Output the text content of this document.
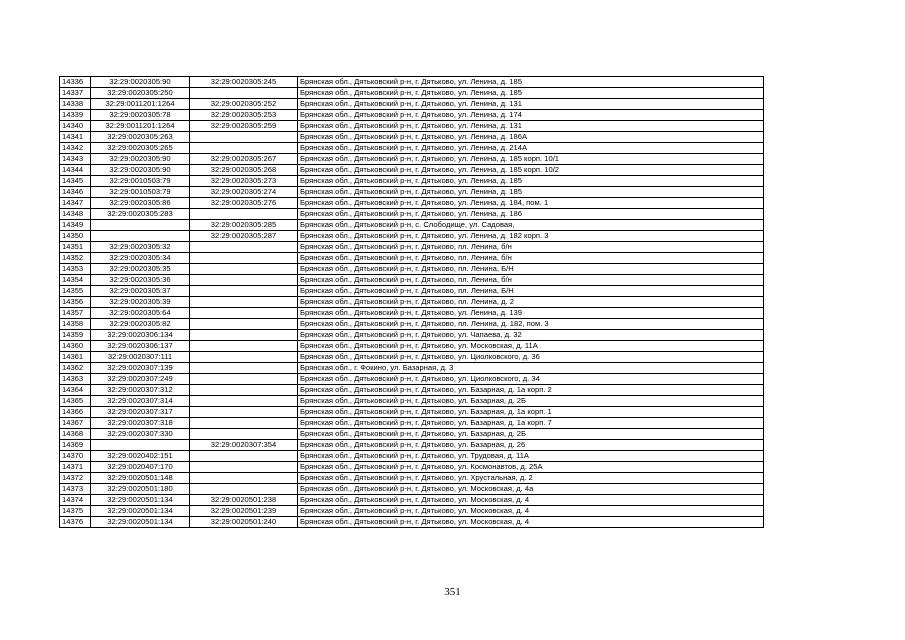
14336	32:29:0020305:90	32:29:0020305:245	Брянская обл., Дятьковский р-н, г. Дятьково, ул. Ленина, д. 185
14337	32:29:0020305:250		Брянская обл., Дятьковский р-н, г. Дятьково, ул. Ленина, д. 185
14338	32:29:0011201:1264	32:29:0020305:252	Брянская обл., Дятьковский р-н, г. Дятьково, ул. Ленина, д. 131
14339	32:29:0020305:78	32:29:0020305:253	Брянская обл., Дятьковский р-н, г. Дятьково, ул. Ленина, д. 174
14340	32:29:0011201:1264	32:29:0020305:259	Брянская обл., Дятьковский р-н, г. Дятьково, ул. Ленина, д. 131
14341	32:29:0020305:263		Брянская обл., Дятьковский р-н, г. Дятьково, ул. Ленина, д. 186А
14342	32:29:0020305:265		Брянская обл., Дятьковский р-н, г. Дятьково, ул. Ленина, д. 214А
14343	32:29:0020305:90	32:29:0020305:267	Брянская обл., Дятьковский р-н, г. Дятьково, ул. Ленина, д. 185 корп. 10/1
14344	32:29:0020305:90	32:29:0020305:268	Брянская обл., Дятьковский р-н, г. Дятьково, ул. Ленина, д. 185 корп. 10/2
14345	32:29:0010503:79	32:29:0020305:273	Брянская обл., Дятьковский р-н, г. Дятьково, ул. Ленина, д. 185
14346	32:29:0010503:79	32:29:0020305:274	Брянская обл., Дятьковский р-н, г. Дятьково, ул. Ленина, д. 185
14347	32:29:0020305:86	32:29:0020305:276	Брянская обл., Дятьковский р-н, г. Дятьково, ул. Ленина, д. 184, пом. 1
14348	32:29:0020305:283		Брянская обл., Дятьковский р-н, г. Дятьково, ул. Ленина, д. 186
14349		32:29:0020305:285	Брянская обл., Дятьковский р-н, с. Слободище, ул. Садовая,
14350		32:29:0020305:287	Брянская обл., Дятьковский р-н, г. Дятьково, ул. Ленина, д. 182 корп. 3
14351	32:29:0020305:32		Брянская обл., Дятьковский р-н, г. Дятьково, пл. Ленина, б/н
14352	32:29:0020305:34		Брянская обл., Дятьковский р-н, г. Дятьково, пл. Ленина, б/н
14353	32:29:0020305:35		Брянская обл., Дятьковский р-н, г. Дятьково, пл. Ленина, Б/Н
14354	32:29:0020305:36		Брянская обл., Дятьковский р-н, г. Дятьково, пл. Ленина, б/н
14355	32:29:0020305:37		Брянская обл., Дятьковский р-н, г. Дятьково, пл. Ленина, Б/Н
14356	32:29:0020305:39		Брянская обл., Дятьковский р-н, г. Дятьково, пл. Ленина, д. 2
14357	32:29:0020305:64		Брянская обл., Дятьковский р-н, г. Дятьково, ул. Ленина, д. 139
14358	32:29:0020305:82		Брянская обл., Дятьковский р-н, г. Дятьково, пл. Ленина, д. 182, пом. 3
14359	32:29:0020306:134		Брянская обл., Дятьковский р-н, г. Дятьково, ул. Чапаева, д. 32
14360	32:29:0020306:137		Брянская обл., Дятьковский р-н, г. Дятьково, ул. Московская, д. 11А
14361	32:29:0020307:111		Брянская обл., Дятьковский р-н, г. Дятьково, ул. Циолковского, д. 36
14362	32:29:0020307:139		Брянская обл., г. Фокино, ул. Базарная, д. 3
14363	32:29:0020307:249		Брянская обл., Дятьковский р-н, г. Дятьково, ул. Циолковского, д. 34
14364	32:29:0020307:312		Брянская обл., Дятьковский р-н, г. Дятьково, ул. Базарная, д. 1а корп. 2
14365	32:29:0020307:314		Брянская обл., Дятьковский р-н, г. Дятьково, ул. Базарная, д. 2Б
14366	32:29:0020307:317		Брянская обл., Дятьковский р-н, г. Дятьково, ул. Базарная, д. 1а корп. 1
14367	32:29:0020307:318		Брянская обл., Дятьковский р-н, г. Дятьково, ул. Базарная, д. 1а корп. 7
14368	32:29:0020307:330		Брянская обл., Дятьковский р-н, г. Дятьково, ул. Базарная, д. 2Б
14369		32:29:0020307:354	Брянская обл., Дятьковский р-н, г. Дятьково, ул. Базарная, д. 26
14370	32:29:0020402:151		Брянская обл., Дятьковский р-н, г. Дятьково, ул. Трудовая, д. 11А
14371	32:29:0020407:170		Брянская обл., Дятьковский р-н, г. Дятьково, ул. Космонавтов, д. 25А
14372	32:29:0020501:148		Брянская обл., Дятьковский р-н, г. Дятьково, ул. Хрустальная, д. 2
14373	32:29:0020501:180		Брянская обл., Дятьковский р-н, г. Дятьково, ул. Московская, д. 4а
14374	32:29:0020501:134	32:29:0020501:238	Брянская обл., Дятьковский р-н, г. Дятьково, ул. Московская, д. 4
14375	32:29:0020501:134	32:29:0020501:239	Брянская обл., Дятьковский р-н, г. Дятьково, ул. Московская, д. 4
14376	32:29:0020501:134	32:29:0020501:240	Брянская обл., Дятьковский р-н, г. Дятьково, ул. Московская, д. 4
351
